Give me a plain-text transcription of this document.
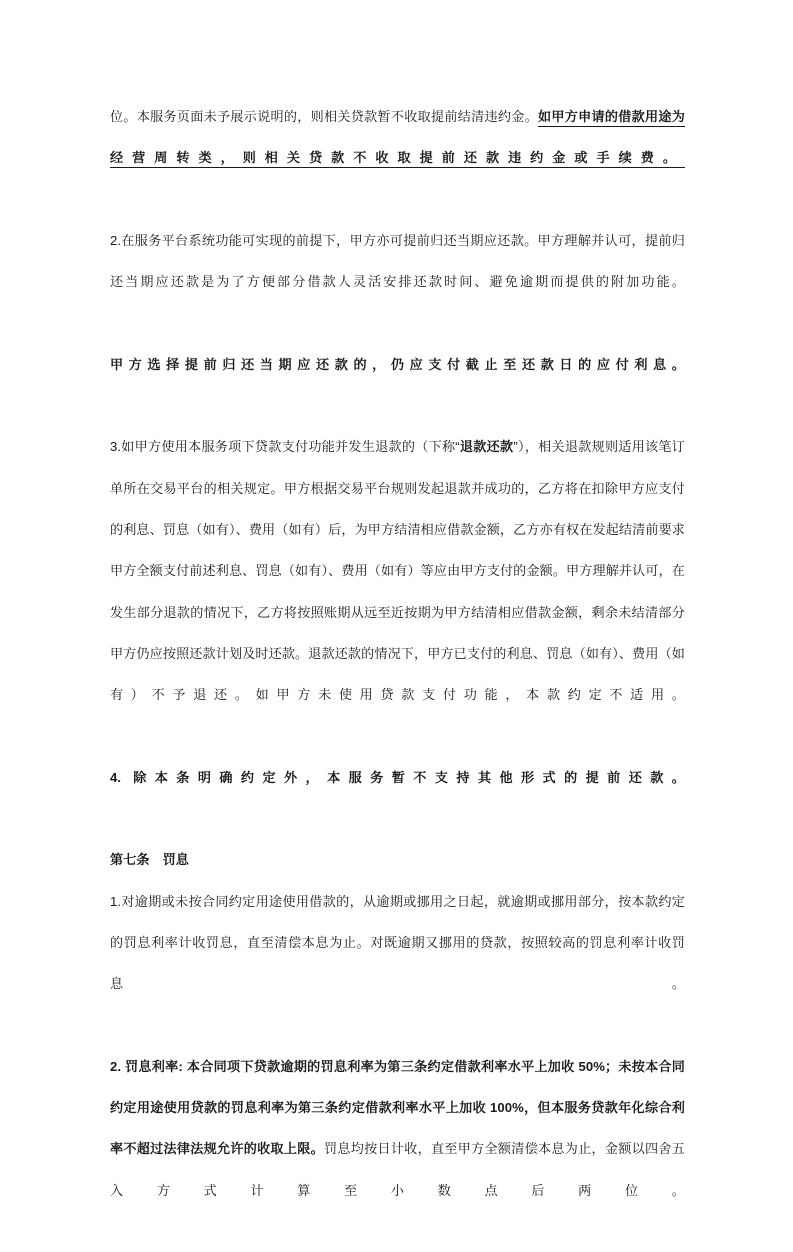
位。本服务页面未予展示说明的，则相关贷款暂不收取提前结清违约金。如甲方申请的借款用途为经营周转类，则相关贷款不收取提前还款违约金或手续费。

2.在服务平台系统功能可实现的前提下，甲方亦可提前归还当期应还款。甲方理解并认可，提前归还当期应还款是为了方便部分借款人灵活安排还款时间、避免逾期而提供的附加功能。

甲方选择提前归还当期应还款的，仍应支付截止至还款日的应付利息。

3.如甲方使用本服务项下贷款支付功能并发生退款的（下称“退款还款”），相关退款规则适用该笔订单所在交易平台的相关规定。甲方根据交易平台规则发起退款并成功的，乙方将在扣除甲方应支付的利息、罚息（如有）、费用（如有）后，为甲方结清相应借款金额，乙方亦有权在发起结清前要求甲方全额支付前述利息、罚息（如有）、费用（如有）等应由甲方支付的金额。甲方理解并认可，在发生部分退款的情况下，乙方将按照账期从远至近按期为甲方结清相应借款金额，剩余未结清部分甲方仍应按照还款计划及时还款。退款还款的情况下，甲方已支付的利息、罚息（如有）、费用（如有）不予退还。如甲方未使用贷款支付功能，本款约定不适用。

4. 除本条明确约定外，本服务暂不支持其他形式的提前还款。

第七条 罚息

1.对逾期或未按合同约定用途使用借款的，从逾期或挪用之日起，就逾期或挪用部分，按本款约定的罚息利率计收罚息，直至清偿本息为止。对既逾期又挪用的贷款，按照较高的罚息利率计收罚息。

2. 罚息利率: 本合同项下贷款逾期的罚息利率为第三条约定借款利率水平上加收 50%；未按本合同约定用途使用贷款的罚息利率为第三条约定借款利率水平上加收 100%，但本服务贷款年化综合利率不超过法律法规允许的收取上限。罚息均按日计收，直至甲方全额清偿本息为止，金额以四舍五入方式计算至小数点后两位。
